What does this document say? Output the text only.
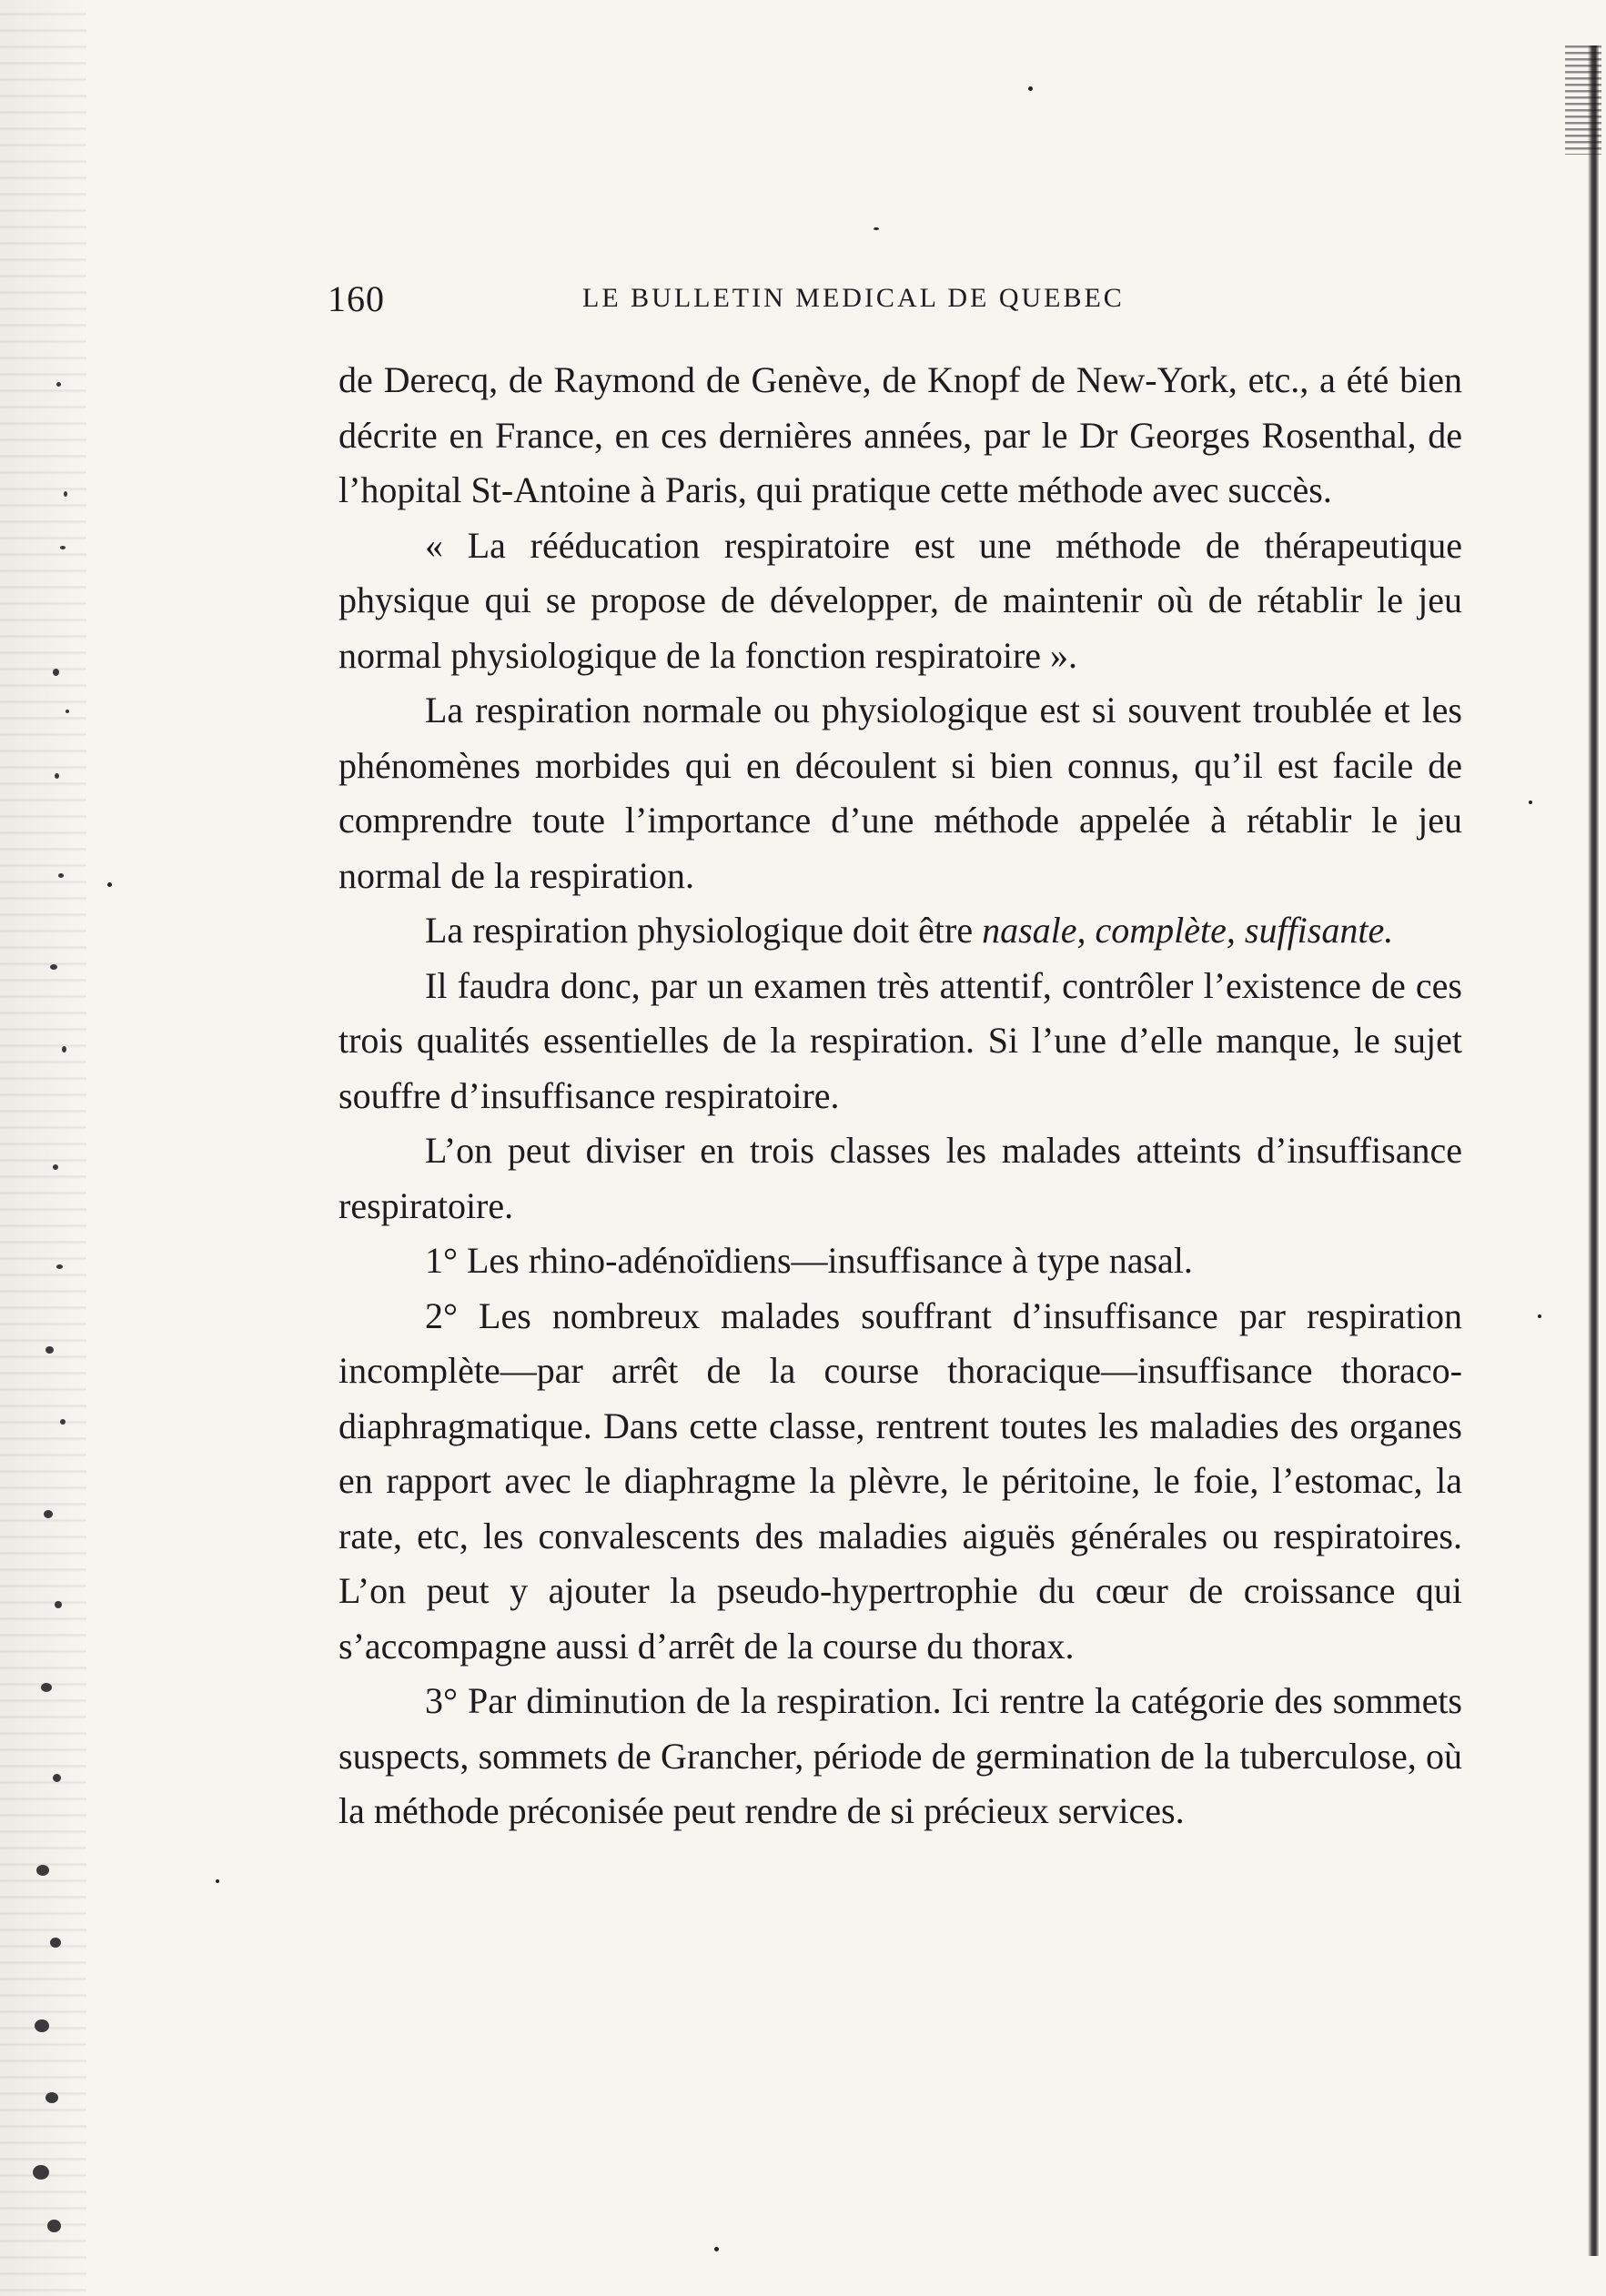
160	LE BULLETIN MEDICAL DE QUEBEC

de Derecq, de Raymond de Genève, de Knopf de New-York, etc., a été bien décrite en France, en ces dernières années, par le Dr Georges Rosenthal, de l’hopital St-Antoine à Paris, qui pratique cette méthode avec succès.

« La rééducation respiratoire est une méthode de thérapeutique physique qui se propose de développer, de maintenir où de rétablir le jeu normal physiologique de la fonction respiratoire ».

La respiration normale ou physiologique est si souvent troublée et les phénomènes morbides qui en découlent si bien connus, qu’il est facile de comprendre toute l’importance d’une méthode appelée à rétablir le jeu normal de la respiration.

La respiration physiologique doit être nasale, complète, suffisante.

Il faudra donc, par un examen très attentif, contrôler l’existence de ces trois qualités essentielles de la respiration. Si l’une d’elle manque, le sujet souffre d’insuffisance respiratoire.

L’on peut diviser en trois classes les malades atteints d’insuffisance respiratoire.

1° Les rhino-adénoïdiens—insuffisance à type nasal.

2° Les nombreux malades souffrant d’insuffisance par respiration incomplète—par arrêt de la course thoracique—insuffisance thoraco-diaphragmatique. Dans cette classe, rentrent toutes les maladies des organes en rapport avec le diaphragme la plèvre, le péritoine, le foie, l’estomac, la rate, etc, les convalescents des maladies aiguës générales ou respiratoires. L’on peut y ajouter la pseudo-hypertrophie du cœur de croissance qui s’accompagne aussi d’arrêt de la course du thorax.

3° Par diminution de la respiration. Ici rentre la catégorie des sommets suspects, sommets de Grancher, période de germination de la tuberculose, où la méthode préconisée peut rendre de si précieux services.
